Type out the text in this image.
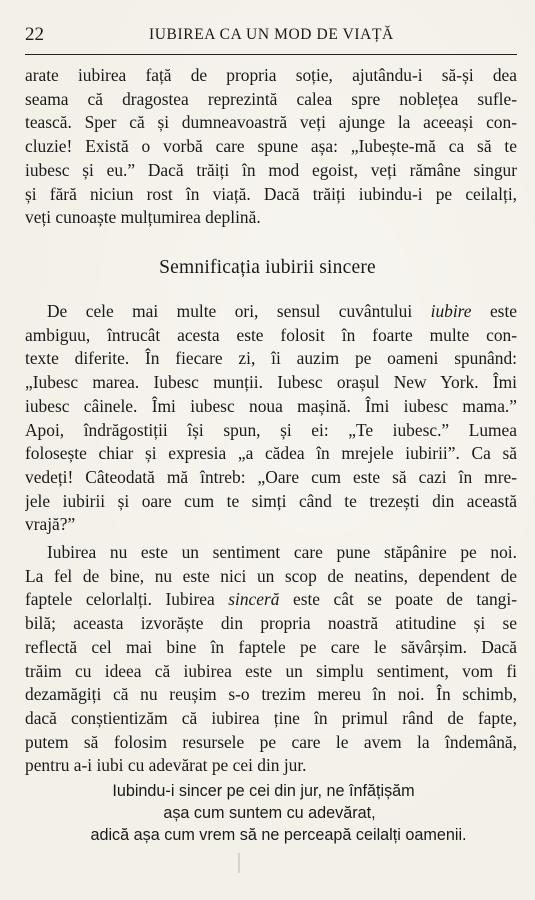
22	IUBIREA CA UN MOD DE VIAȚĂ
arate iubirea față de propria soție, ajutându-i să-și dea
seama că dragostea reprezintă calea spre noblețea sufle-
tească. Sper că și dumneavoastră veți ajunge la aceeași con-
cluzie! Există o vorbă care spune așa: „Iubește-mă ca să te
iubesc și eu.” Dacă trăiți în mod egoist, veți rămâne singur
și fără niciun rost în viață. Dacă trăiți iubindu-i pe ceilalți,
veți cunoaște mulțumirea deplină.
Semnificația iubirii sincere
De cele mai multe ori, sensul cuvântului iubire este
ambiguu, întrucât acesta este folosit în foarte multe con-
texte diferite. În fiecare zi, îi auzim pe oameni spunând:
„Iubesc marea. Iubesc munții. Iubesc orașul New York. Îmi
iubesc câinele. Îmi iubesc noua mașină. Îmi iubesc mama.”
Apoi, îndrăgostiții își spun, și ei: „Te iubesc.” Lumea
folosește chiar și expresia „a cădea în mrejele iubirii”. Ca să
vedeți! Câteodată mă întreb: „Oare cum este să cazi în mre-
jele iubirii și oare cum te simți când te trezești din această
vrajă?”
Iubirea nu este un sentiment care pune stăpânire pe noi.
La fel de bine, nu este nici un scop de neatins, dependent de
faptele celorlalți. Iubirea sinceră este cât se poate de tangi-
bilă; aceasta izvorăște din propria noastră atitudine și se
reflectă cel mai bine în faptele pe care le săvârșim. Dacă
trăim cu ideea că iubirea este un simplu sentiment, vom fi
dezamăgiți că nu reușim s-o trezim mereu în noi. În schimb,
dacă conștientizăm că iubirea ține în primul rând de fapte,
putem să folosim resursele pe care le avem la îndemână,
pentru a-i iubi cu adevărat pe cei din jur.
Iubindu-i sincer pe cei din jur, ne înfățișăm
așa cum suntem cu adevărat,
adică așa cum vrem să ne perceapă ceilalți oamenii.
